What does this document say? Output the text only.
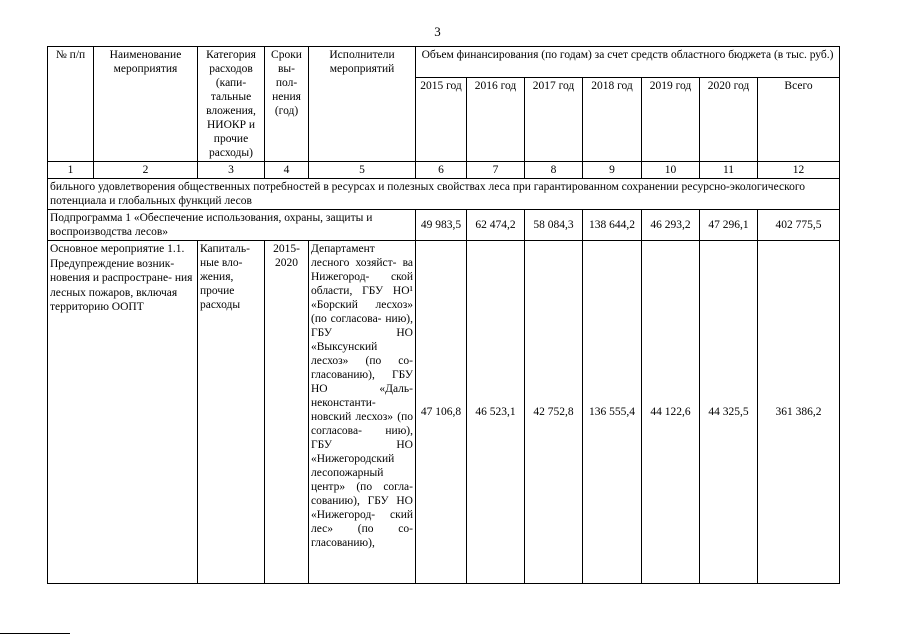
3
№ п/п	Наименование мероприятия	Категория расходов (капи- тальные вложения, НИОКР и прочие расходы)	Сроки вы- пол- нения (год)	Исполнители мероприятий	Объем финансирования (по годам) за счет средств областного бюджета (в тыс. руб.)						
					2015 год	2016 год	2017 год	2018 год	2019 год	2020 год	Всего
1	2	3	4	5	6	7	8	9	10	11	12
бильного удовлетворения общественных потребностей в ресурсах и полезных свойствах леса при гарантированном сохранении ресурсно-экологического потенциала и глобальных функций лесов											
Подпрограмма 1 «Обеспечение использования, охраны, защиты и воспроизводства лесов»					49 983,5	62 474,2	58 084,3	138 644,2	46 293,2	47 296,1	402 775,5
Основное мероприятие 1.1. Предупреждение возник- новения и распростране- ния лесных пожаров, включая территорию ООПТ		Капиталь- ные вло- жения, прочие расходы	2015- 2020	Департамент лесного хозяйст- ва Нижегород- ской области, ГБУ НО¹ «Борский лесхоз» (по согласова- нию), ГБУ НО «Выксунский лесхоз» (по со- гласованию), ГБУ НО «Даль- неконстанти- новский лесхоз» (по согласова- нию), ГБУ НО «Нижегородский лесопожарный центр» (по согла- сованию), ГБУ НО «Нижегород- ский лес» (по со- гласованию),	47 106,8	46 523,1	42 752,8	136 555,4	44 122,6	44 325,5	361 386,2
